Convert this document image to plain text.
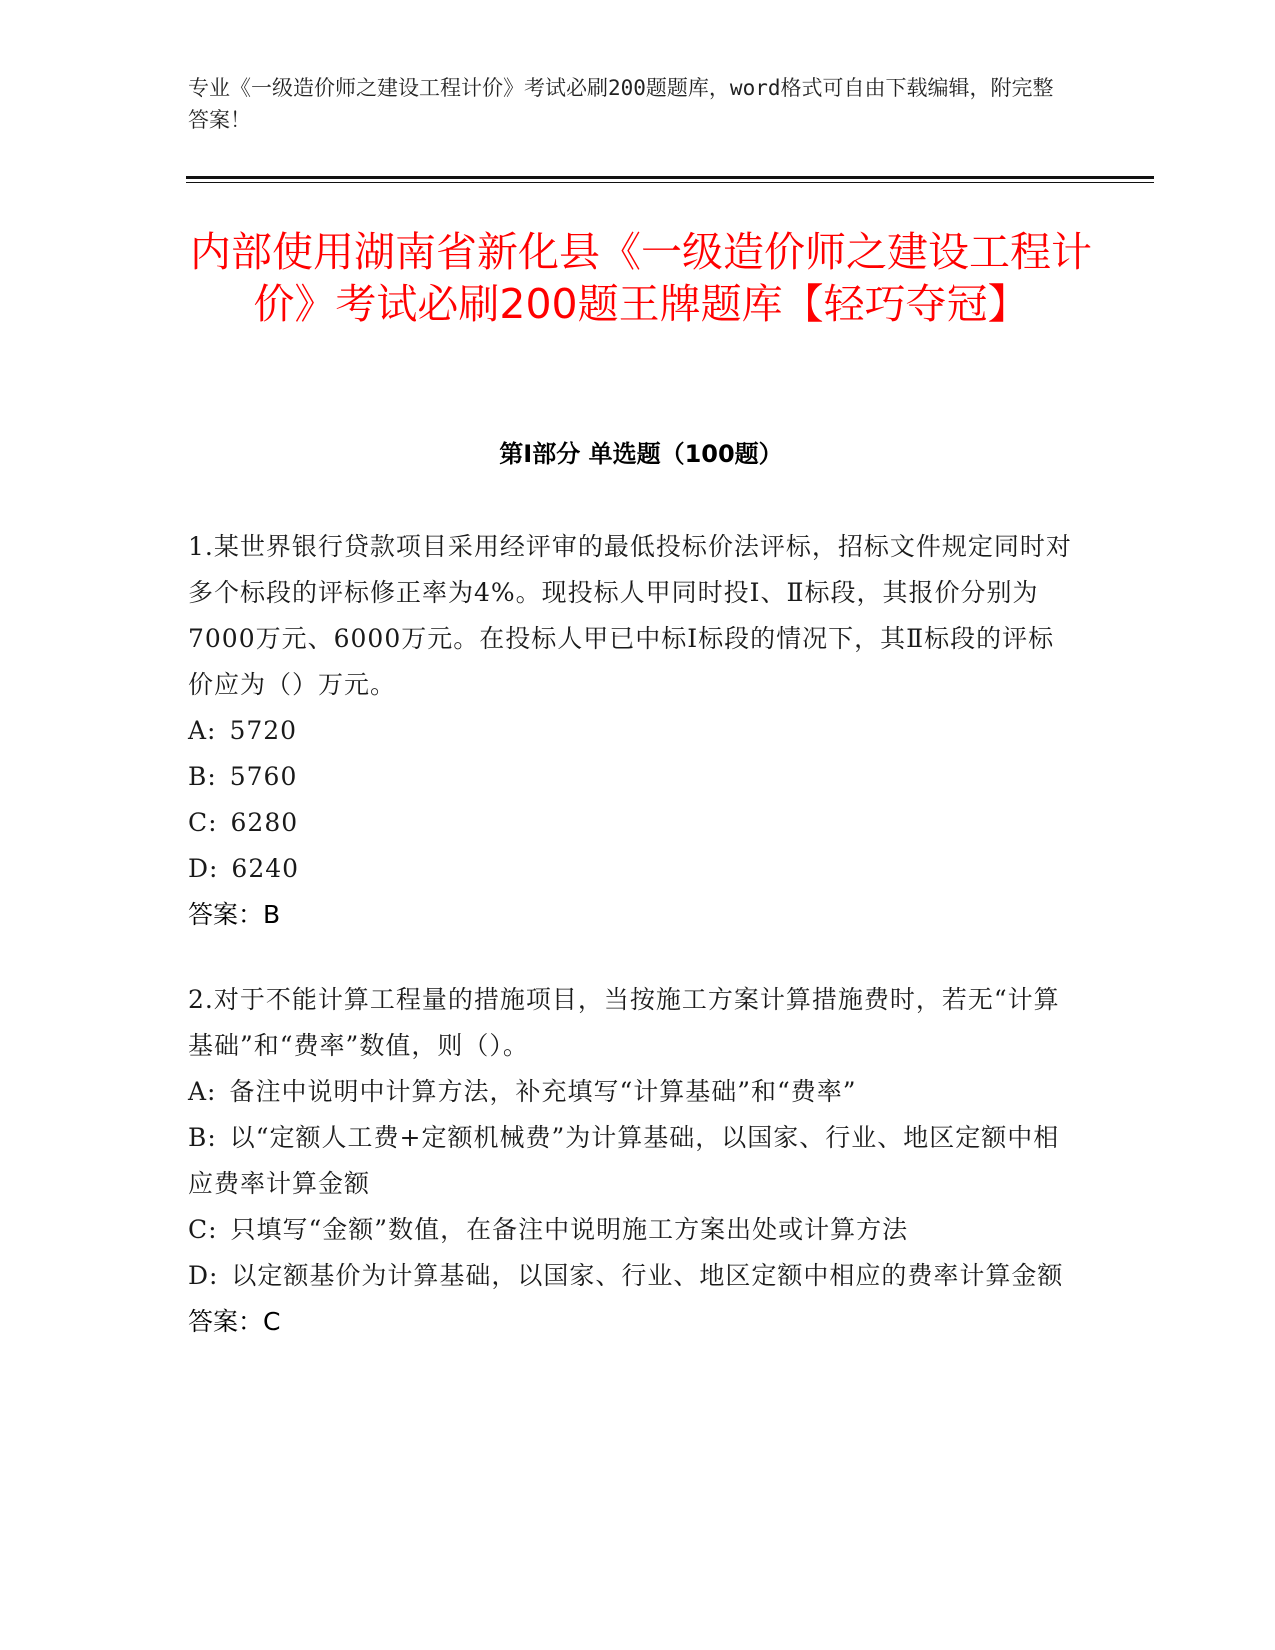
专业《一级造价师之建设工程计价》考试必刷200题题库，word格式可自由下载编辑，附完整答案！
内部使用湖南省新化县《一级造价师之建设工程计价》考试必刷200题王牌题库【轻巧夺冠】
第I部分 单选题（100题）

1.某世界银行贷款项目采用经评审的最低投标价法评标，招标文件规定同时对多个标段的评标修正率为4%。现投标人甲同时投Ⅰ、Ⅱ标段，其报价分别为7000万元、6000万元。在投标人甲已中标Ⅰ标段的情况下，其Ⅱ标段的评标价应为（）万元。

A: 5720

B: 5760

C: 6280

D: 6240

答案：B

2.对于不能计算工程量的措施项目，当按施工方案计算措施费时，若无“计算基础”和“费率”数值，则（）。

A: 备注中说明中计算方法，补充填写“计算基础”和“费率”

B: 以“定额人工费+定额机械费”为计算基础，以国家、行业、地区定额中相应费率计算金额

C: 只填写“金额”数值，在备注中说明施工方案出处或计算方法

D: 以定额基价为计算基础，以国家、行业、地区定额中相应的费率计算金额

答案：C
